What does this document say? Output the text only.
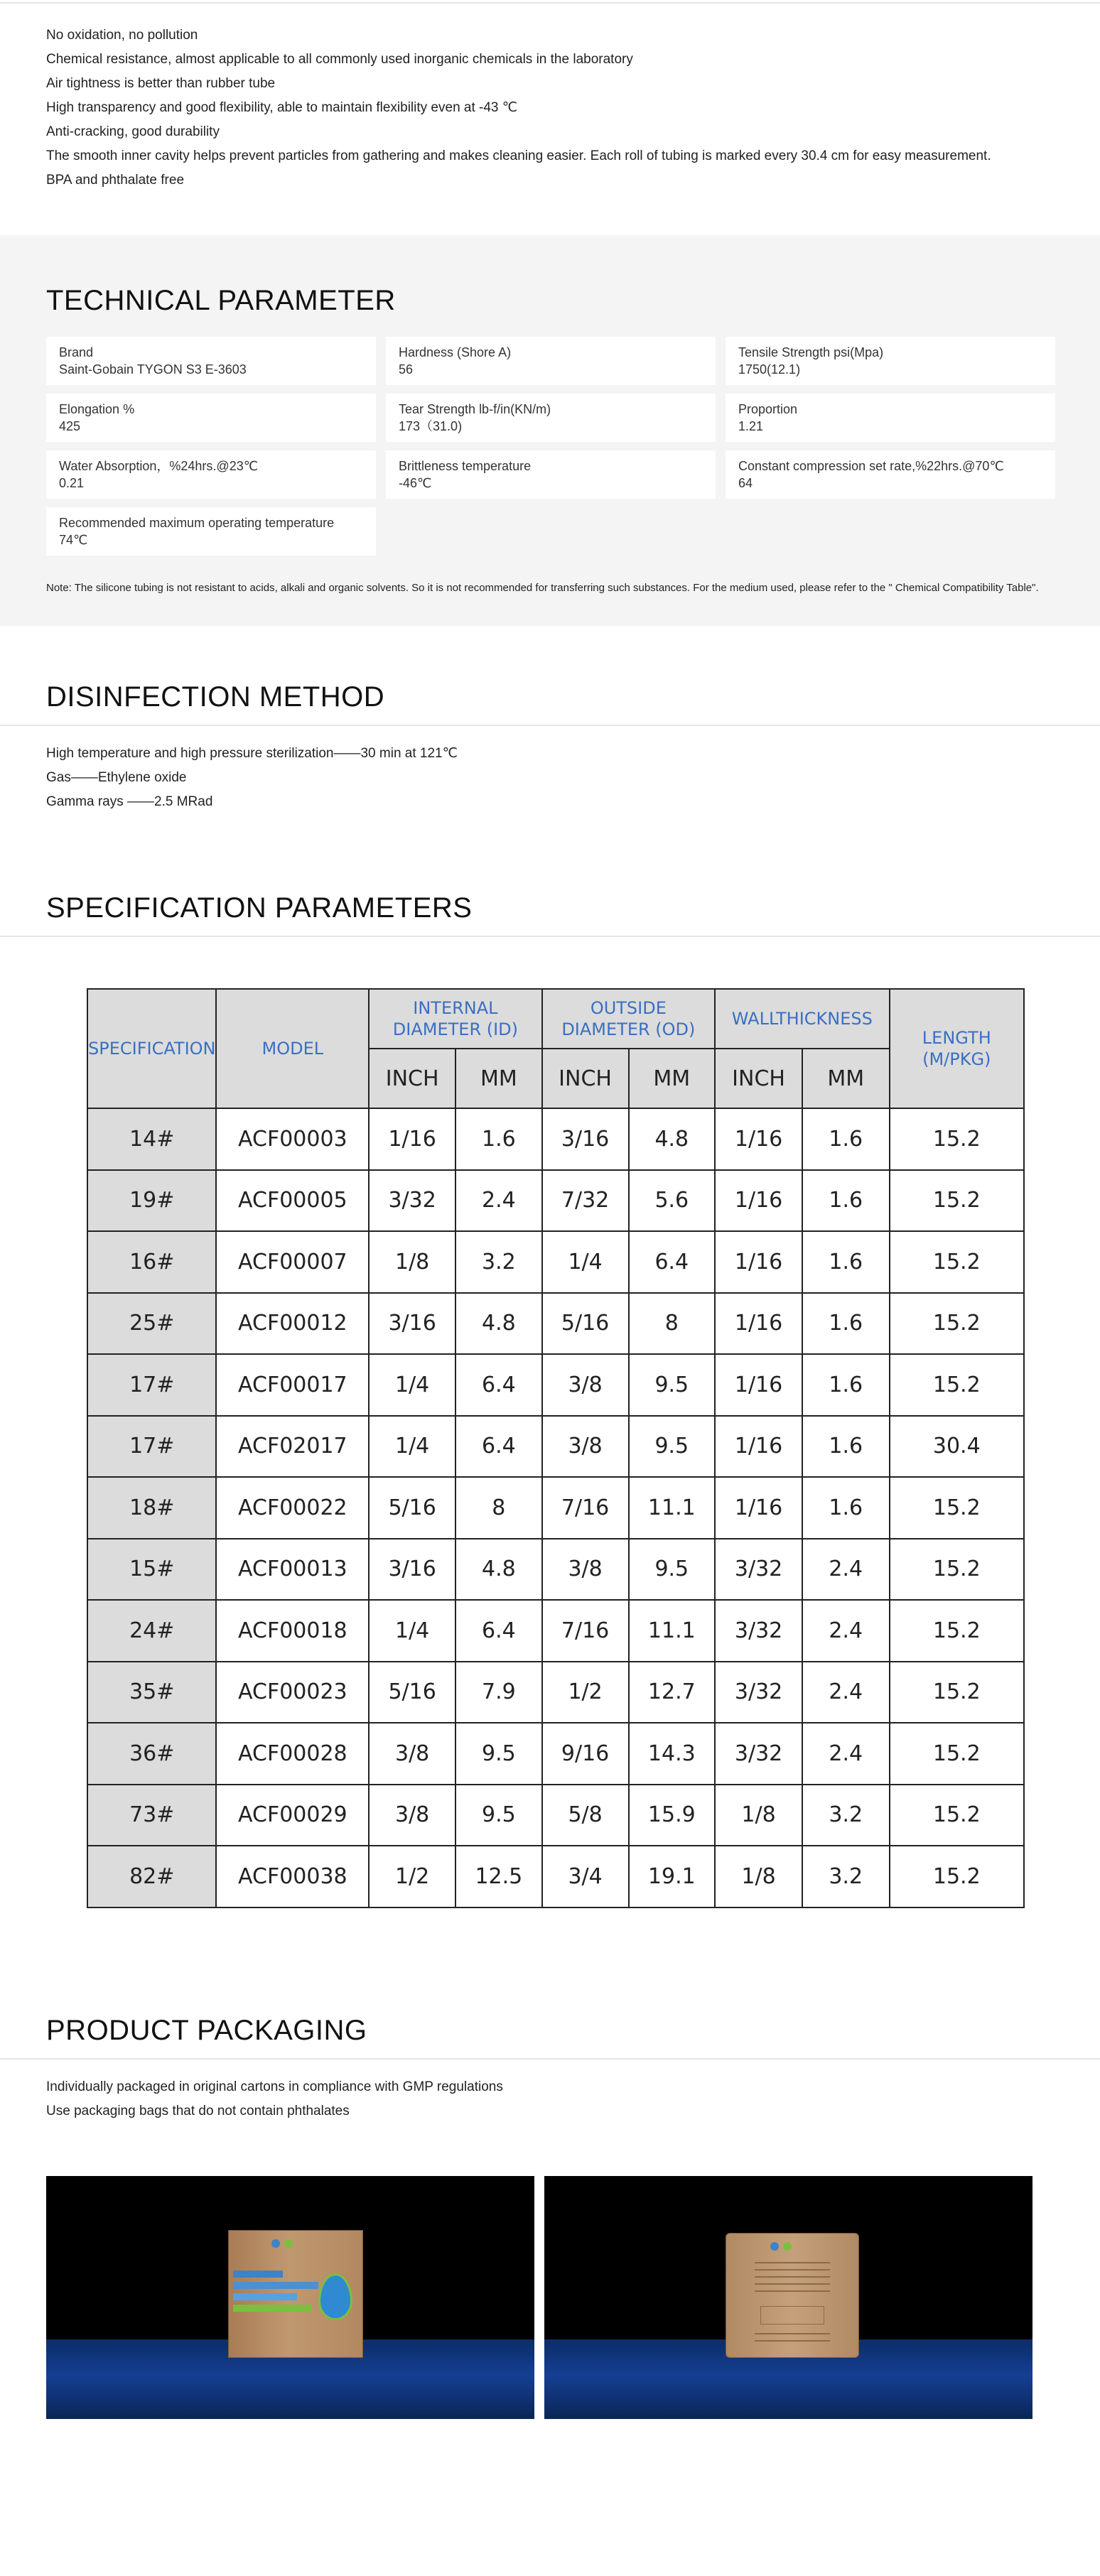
No oxidation, no pollution

Chemical resistance, almost applicable to all commonly used inorganic chemicals in the laboratory

Air tightness is better than rubber tube

High transparency and good flexibility, able to maintain flexibility even at -43 ℃

Anti-cracking, good durability

The smooth inner cavity helps prevent particles from gathering and makes cleaning easier. Each roll of tubing is marked every 30.4 cm for easy measurement.

BPA and phthalate free

TECHNICAL PARAMETER
Brand
Saint-Gobain TYGON S3 E-3603
Hardness (Shore A)
56
Tensile Strength psi(Mpa)
1750(12.1)
Elongation %
425
Tear Strength lb-f/in(KN/m)
173（31.0)
Proportion
1.21
Water Absorption，%24hrs.@23℃
0.21
Brittleness temperature
-46℃
Constant compression set rate,%22hrs.@70℃
64
Recommended maximum operating temperature
74℃

Note: The silicone tubing is not resistant to acids, alkali and organic solvents. So it is not recommended for transferring such substances. For the medium used, please refer to the " Chemical Compatibility Table".

DISINFECTION METHOD

High temperature and high pressure sterilization——30 min at 121℃

Gas——Ethylene oxide

Gamma rays ——2.5 MRad

SPECIFICATION PARAMETERS
SPECIFICATION	MODEL	INTERNAL DIAMETER (ID)		OUTSIDE DIAMETER (OD)		WALLTHICKNESS		LENGTH (M/PKG)
		INCH	MM	INCH	MM	INCH	MM	
14#	ACF00003	1/16	1.6	3/16	4.8	1/16	1.6	15.2
19#	ACF00005	3/32	2.4	7/32	5.6	1/16	1.6	15.2
16#	ACF00007	1/8	3.2	1/4	6.4	1/16	1.6	15.2
25#	ACF00012	3/16	4.8	5/16	8	1/16	1.6	15.2
17#	ACF00017	1/4	6.4	3/8	9.5	1/16	1.6	15.2
17#	ACF02017	1/4	6.4	3/8	9.5	1/16	1.6	30.4
18#	ACF00022	5/16	8	7/16	11.1	1/16	1.6	15.2
15#	ACF00013	3/16	4.8	3/8	9.5	3/32	2.4	15.2
24#	ACF00018	1/4	6.4	7/16	11.1	3/32	2.4	15.2
35#	ACF00023	5/16	7.9	1/2	12.7	3/32	2.4	15.2
36#	ACF00028	3/8	9.5	9/16	14.3	3/32	2.4	15.2
73#	ACF00029	3/8	9.5	5/8	15.9	1/8	3.2	15.2
82#	ACF00038	1/2	12.5	3/4	19.1	1/8	3.2	15.2
PRODUCT PACKAGING

Individually packaged in original cartons in compliance with GMP regulations

Use packaging bags that do not contain phthalates
